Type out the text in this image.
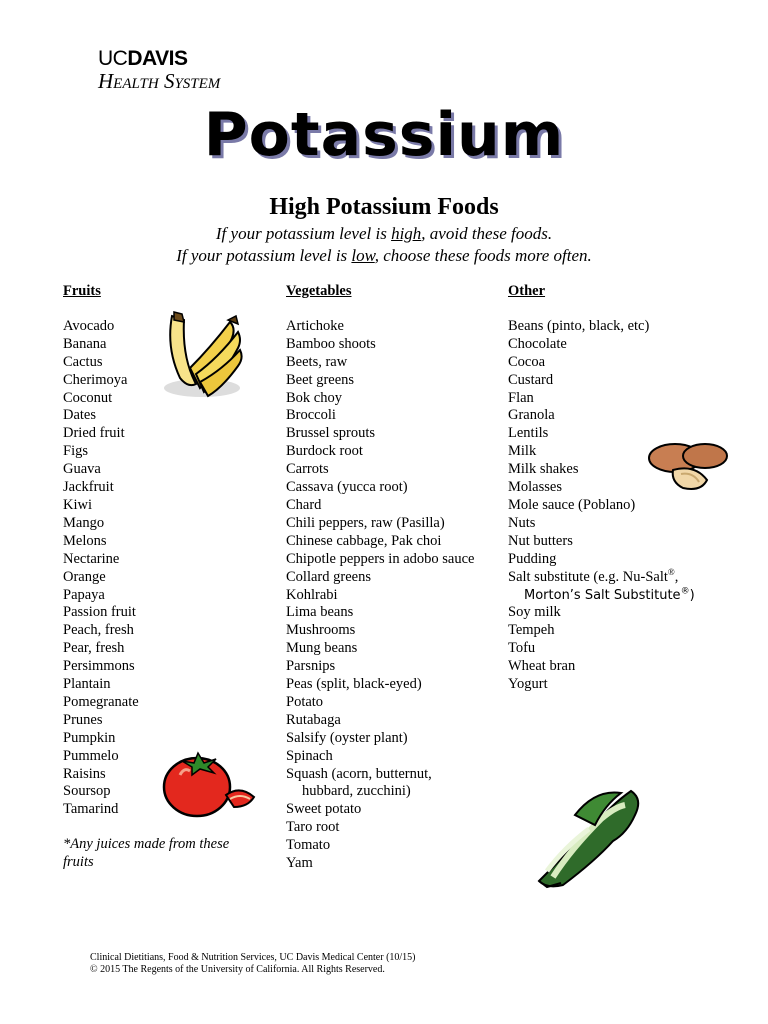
UCDAVIS
Health System
Potassium
High Potassium Foods
If your potassium level is high, avoid these foods.
If your potassium level is low, choose these foods more often.
Fruits
Avocado
Banana
Cactus
Cherimoya
Coconut
Dates
Dried fruit
Figs
Guava
Jackfruit
Kiwi
Mango
Melons
Nectarine
Orange
Papaya
Passion fruit
Peach, fresh
Pear, fresh
Persimmons
Plantain
Pomegranate
Prunes
Pumpkin
Pummelo
Raisins
Soursop
Tamarind
*Any juices made from these fruits
Vegetables
Artichoke
Bamboo shoots
Beets, raw
Beet greens
Bok choy
Broccoli
Brussel sprouts
Burdock root
Carrots
Cassava (yucca root)
Chard
Chili peppers, raw (Pasilla)
Chinese cabbage, Pak choi
Chipotle peppers in adobo sauce
Collard greens
Kohlrabi
Lima beans
Mushrooms
Mung beans
Parsnips
Peas (split, black-eyed)
Potato
Rutabaga
Salsify (oyster plant)
Spinach
Squash (acorn, butternut,
hubbard, zucchini)
Sweet potato
Taro root
Tomato
Yam
Other
Beans (pinto, black, etc)
Chocolate
Cocoa
Custard
Flan
Granola
Lentils
Milk
Milk shakes
Molasses
Mole sauce (Poblano)
Nuts
Nut butters
Pudding
Salt substitute (e.g. Nu-Salt®,
Morton’s Salt Substitute®)
Soy milk
Tempeh
Tofu
Wheat bran
Yogurt
Clinical Dietitians, Food & Nutrition Services, UC Davis Medical Center (10/15)
© 2015 The Regents of the University of California. All Rights Reserved.
